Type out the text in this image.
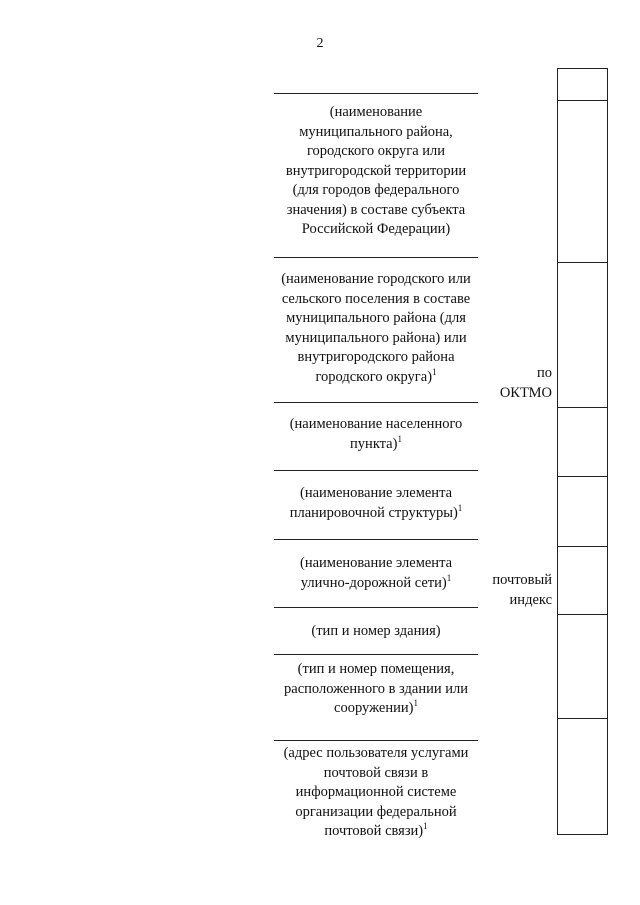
2
(наименование
муниципального района,
городского округа или
внутригородской территории
(для городов федерального
значения) в составе субъекта
Российской Федерации)
(наименование городского или
сельского поселения в составе
муниципального района (для
муниципального района) или
внутригородского района
городского округа)$^1$
(наименование населенного
пункта)$^1$
(наименование элемента
планировочной структуры)$^1$
(наименование элемента
улично-дорожной сети)$^1$
(тип и номер здания)
(тип и номер помещения,
расположенного в здании или
сооружении)$^1$
(адрес пользователя услугами
почтовой связи в
информационной системе
организации федеральной
почтовой связи)$^1$
по
ОКТМО
почтовый
индекс
